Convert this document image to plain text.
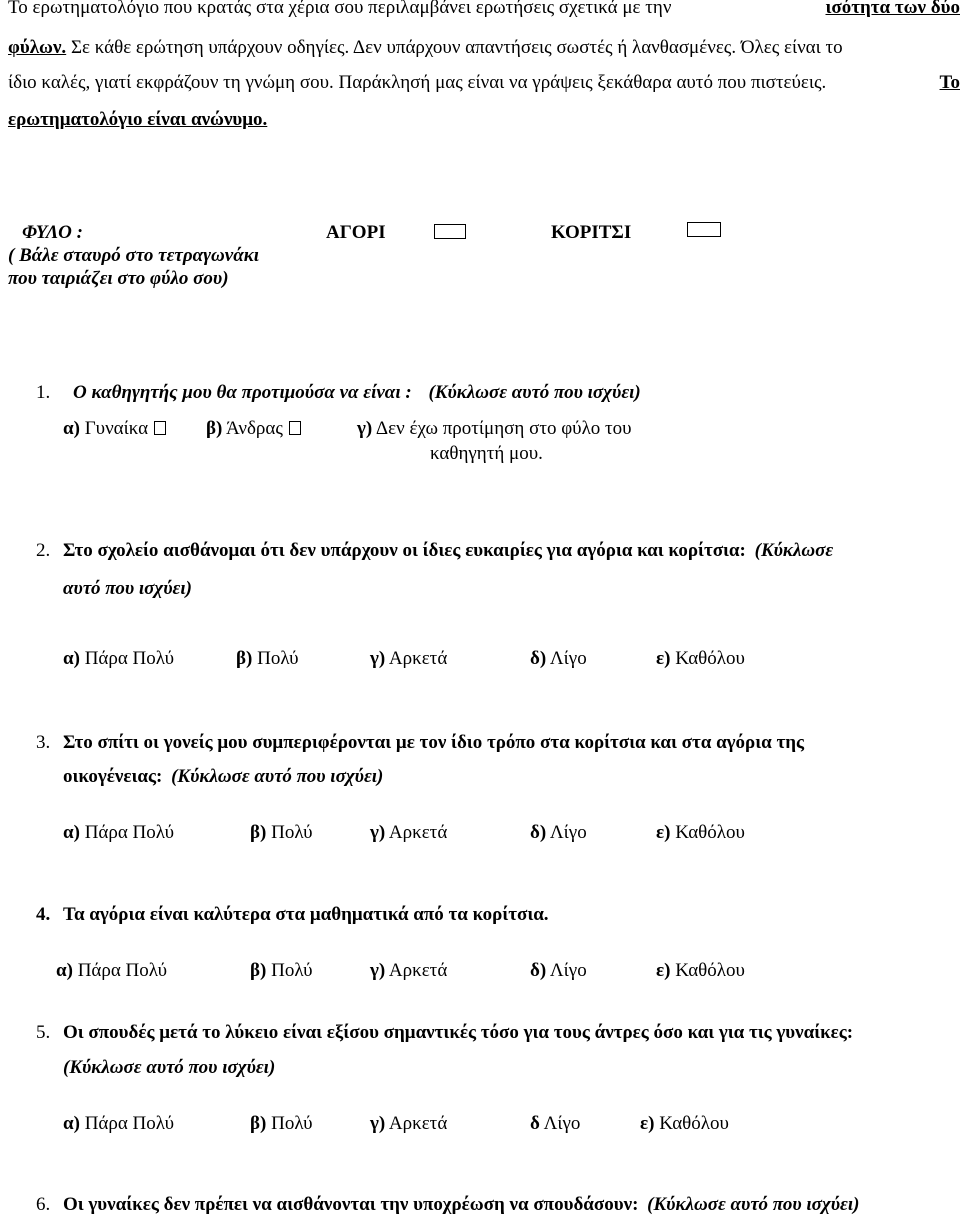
Το ερωτηματολόγιο που κρατάς στα χέρια σου περιλαμβάνει ερωτήσεις σχετικά με την	ισότητα των δύο
φύλων. Σε κάθε ερώτηση υπάρχουν οδηγίες. Δεν υπάρχουν απαντήσεις σωστές ή λανθασμένες. Όλες είναι το
ίδιο καλές, γιατί εκφράζουν τη γνώμη σου. Παράκλησή μας είναι να γράψεις ξεκάθαρα αυτό που πιστεύεις.	Το
ερωτηματολόγιο είναι ανώνυμο.
ΦΥΛΟ :
( Βάλε σταυρό στο τετραγωνάκι
που ταιριάζει στο φύλο σου)
ΑΓΟΡΙ	ΚΟΡΙΤΣΙ
1. Ο καθηγητής μου θα προτιμούσα να είναι : (Κύκλωσε αυτό που ισχύει)
α) Γυναίκα	β) Άνδρας	γ) Δεν έχω προτίμηση στο φύλο του
καθηγητή μου.
2. Στο σχολείο αισθάνομαι ότι δεν υπάρχουν οι ίδιες ευκαιρίες για αγόρια και κορίτσια: (Κύκλωσε
αυτό που ισχύει)
α) Πάρα Πολύ	β) Πολύ	γ) Αρκετά	δ) Λίγο	ε) Καθόλου
3. Στο σπίτι οι γονείς μου συμπεριφέρονται με τον ίδιο τρόπο στα κορίτσια και στα αγόρια της
οικογένειας: (Κύκλωσε αυτό που ισχύει)
α) Πάρα Πολύ	β) Πολύ	γ) Αρκετά	δ) Λίγο	ε) Καθόλου
4. Τα αγόρια είναι καλύτερα στα μαθηματικά από τα κορίτσια.
α) Πάρα Πολύ	β) Πολύ	γ) Αρκετά	δ) Λίγο	ε) Καθόλου
5. Οι σπουδές μετά το λύκειο είναι εξίσου σημαντικές τόσο για τους άντρες όσο και για τις γυναίκες:
(Κύκλωσε αυτό που ισχύει)
α) Πάρα Πολύ	β) Πολύ	γ) Αρκετά	δ Λίγο	ε) Καθόλου
6. Οι γυναίκες δεν πρέπει να αισθάνονται την υποχρέωση να σπουδάσουν: (Κύκλωσε αυτό που ισχύει)
